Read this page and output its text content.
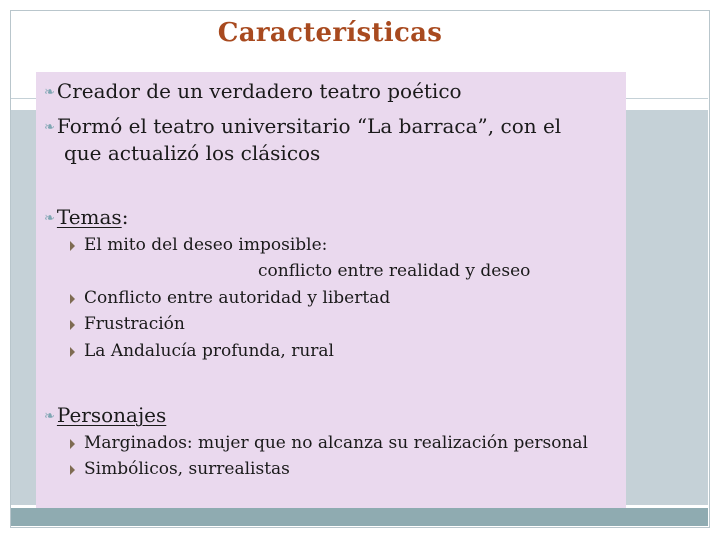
Características
❧ Creador de un verdadero teatro poético
❧ Formó el teatro universitario “La barraca”, con el
que actualizó los clásicos
❧ Temas:
El mito del deseo imposible:
conflicto entre realidad y deseo
Conflicto entre autoridad y libertad
Frustración
La Andalucía profunda, rural
❧ Personajes
Marginados: mujer que no alcanza su realización personal
Simbólicos, surrealistas
